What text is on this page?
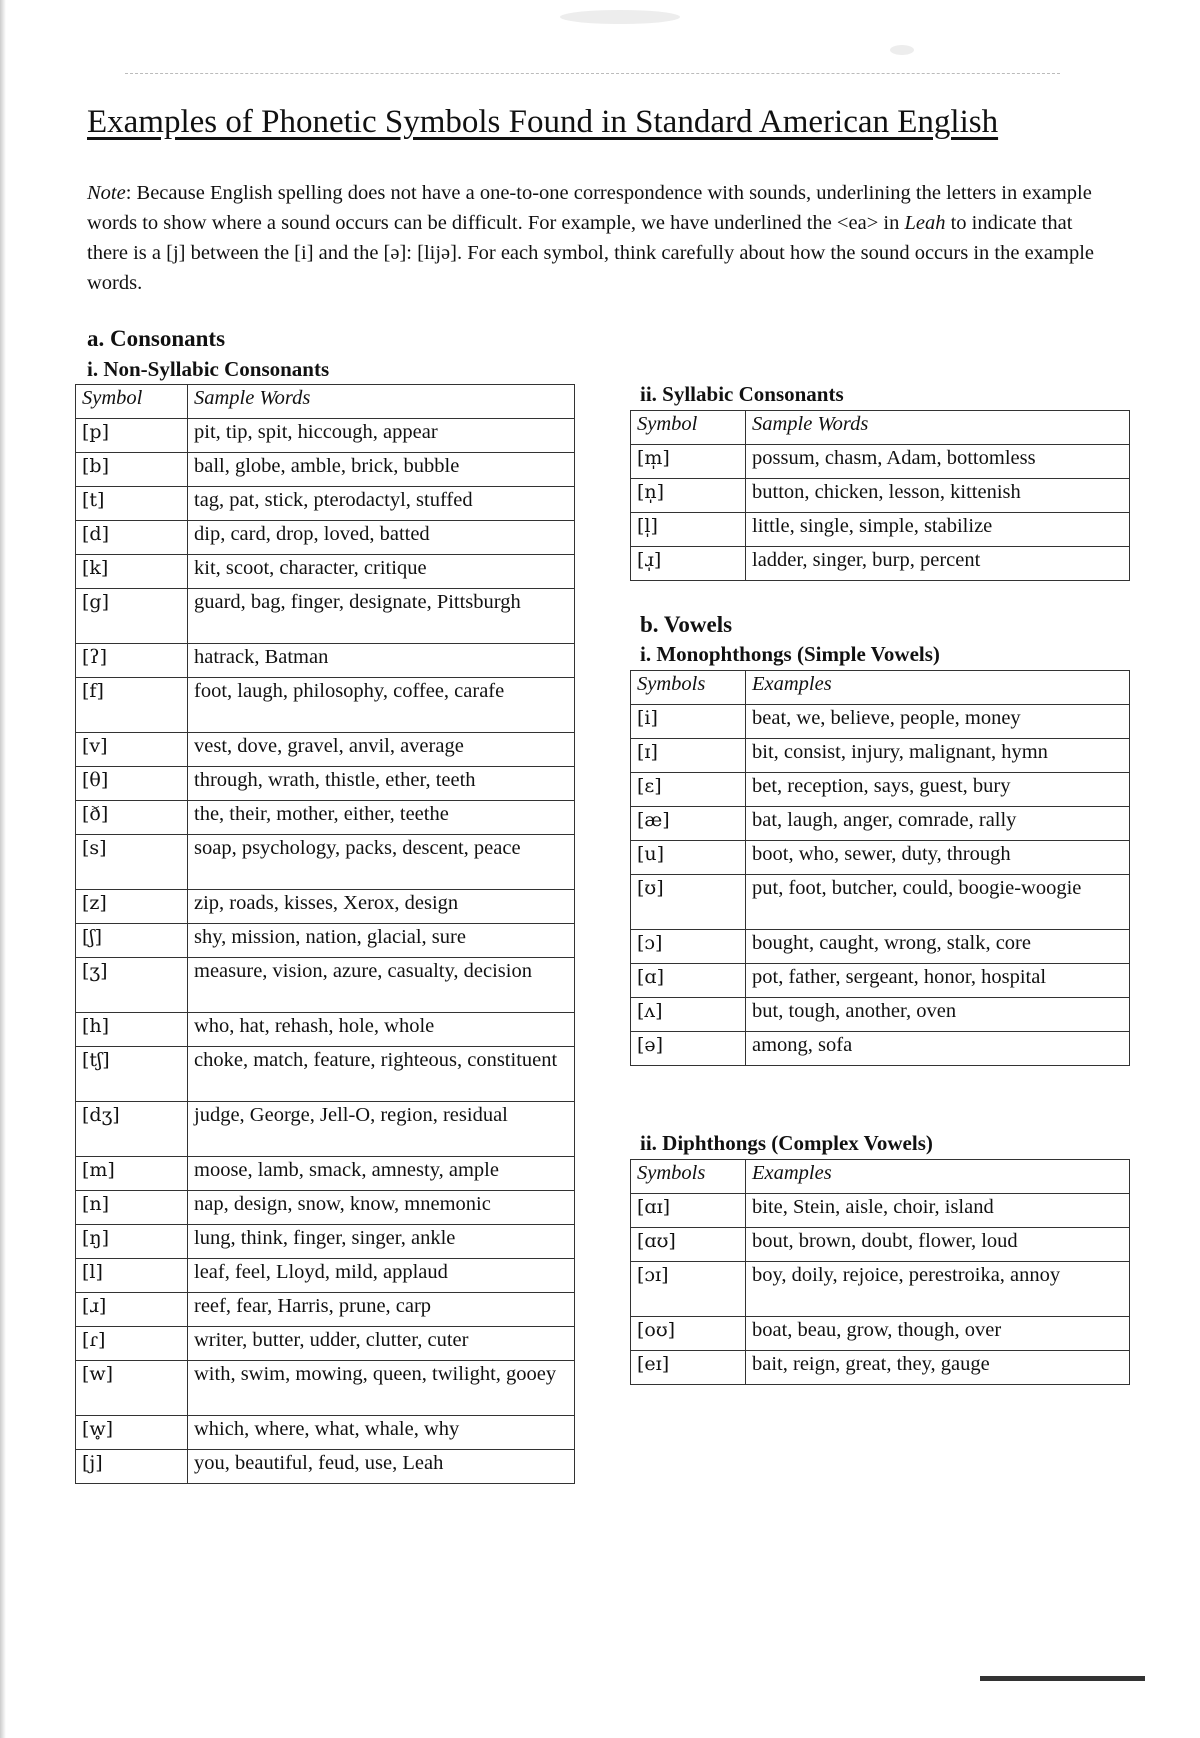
Examples of Phonetic Symbols Found in Standard American English
Note: Because English spelling does not have a one-to-one correspondence with sounds, underlining the letters in example words to show where a sound occurs can be difficult. For example, we have underlined the <ea> in Leah to indicate that there is a [j] between the [i] and the [ə]: [lijə]. For each symbol, think carefully about how the sound occurs in the example words.
a. Consonants
i. Non-Syllabic Consonants
Symbol	Sample Words
[p]	pit, tip, spit, hiccough, appear
[b]	ball, globe, amble, brick, bubble
[t]	tag, pat, stick, pterodactyl, stuffed
[d]	dip, card, drop, loved, batted
[k]	kit, scoot, character, critique
[g]	guard, bag, finger, designate, Pittsburgh
[ʔ]	hatrack, Batman
[f]	foot, laugh, philosophy, coffee, carafe
[v]	vest, dove, gravel, anvil, average
[θ]	through, wrath, thistle, ether, teeth
[ð]	the, their, mother, either, teethe
[s]	soap, psychology, packs, descent, peace
[z]	zip, roads, kisses, Xerox, design
[ʃ]	shy, mission, nation, glacial, sure
[ʒ]	measure, vision, azure, casualty, decision
[h]	who, hat, rehash, hole, whole
[tʃ]	choke, match, feature, righteous, constituent
[dʒ]	judge, George, Jell-O, region, residual
[m]	moose, lamb, smack, amnesty, ample
[n]	nap, design, snow, know, mnemonic
[ŋ]	lung, think, finger, singer, ankle
[l]	leaf, feel, Lloyd, mild, applaud
[ɹ]	reef, fear, Harris, prune, carp
[ɾ]	writer, butter, udder, clutter, cuter
[w]	with, swim, mowing, queen, twilight, gooey
[w̥]	which, where, what, whale, why
[j]	you, beautiful, feud, use, Leah
ii. Syllabic Consonants
Symbol	Sample Words
[m̩]	possum, chasm, Adam, bottomless
[n̩]	button, chicken, lesson, kittenish
[l̩]	little, single, simple, stabilize
[ɹ̩]	ladder, singer, burp, percent
b. Vowels
i. Monophthongs (Simple Vowels)
Symbols	Examples
[i]	beat, we, believe, people, money
[ɪ]	bit, consist, injury, malignant, hymn
[ɛ]	bet, reception, says, guest, bury
[æ]	bat, laugh, anger, comrade, rally
[u]	boot, who, sewer, duty, through
[ʊ]	put, foot, butcher, could, boogie-woogie
[ɔ]	bought, caught, wrong, stalk, core
[ɑ]	pot, father, sergeant, honor, hospital
[ʌ]	but, tough, another, oven
[ə]	among, sofa
ii. Diphthongs (Complex Vowels)
Symbols	Examples
[ɑɪ]	bite, Stein, aisle, choir, island
[ɑʊ]	bout, brown, doubt, flower, loud
[ɔɪ]	boy, doily, rejoice, perestroika, annoy
[oʊ]	boat, beau, grow, though, over
[eɪ]	bait, reign, great, they, gauge
